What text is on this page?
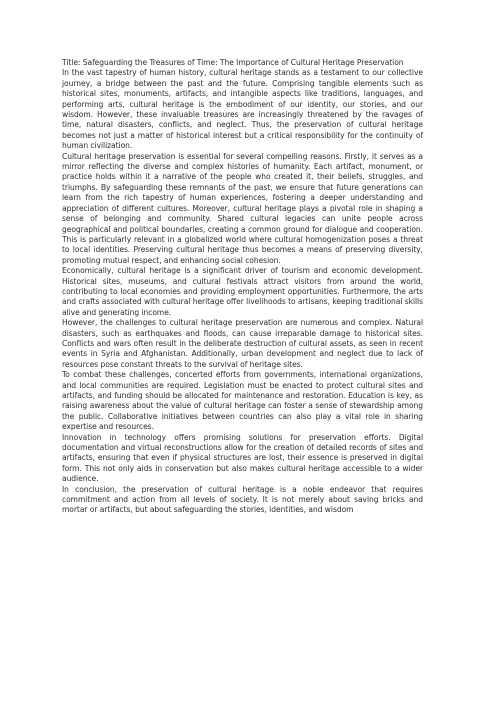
Title: Safeguarding the Treasures of Time: The Importance of Cultural Heritage Preservation

In the vast tapestry of human history, cultural heritage stands as a testament to our collective journey, a bridge between the past and the future. Comprising tangible elements such as historical sites, monuments, artifacts, and intangible aspects like traditions, languages, and performing arts, cultural heritage is the embodiment of our identity, our stories, and our wisdom. However, these invaluable treasures are increasingly threatened by the ravages of time, natural disasters, conflicts, and neglect. Thus, the preservation of cultural heritage becomes not just a matter of historical interest but a critical responsibility for the continuity of human civilization.

Cultural heritage preservation is essential for several compelling reasons. Firstly, it serves as a mirror reflecting the diverse and complex histories of humanity. Each artifact, monument, or practice holds within it a narrative of the people who created it, their beliefs, struggles, and triumphs. By safeguarding these remnants of the past, we ensure that future generations can learn from the rich tapestry of human experiences, fostering a deeper understanding and appreciation of different cultures. Moreover, cultural heritage plays a pivotal role in shaping a sense of belonging and community. Shared cultural legacies can unite people across geographical and political boundaries, creating a common ground for dialogue and cooperation. This is particularly relevant in a globalized world where cultural homogenization poses a threat to local identities. Preserving cultural heritage thus becomes a means of preserving diversity, promoting mutual respect, and enhancing social cohesion.

Economically, cultural heritage is a significant driver of tourism and economic development. Historical sites, museums, and cultural festivals attract visitors from around the world, contributing to local economies and providing employment opportunities. Furthermore, the arts and crafts associated with cultural heritage offer livelihoods to artisans, keeping traditional skills alive and generating income.

However, the challenges to cultural heritage preservation are numerous and complex. Natural disasters, such as earthquakes and floods, can cause irreparable damage to historical sites. Conflicts and wars often result in the deliberate destruction of cultural assets, as seen in recent events in Syria and Afghanistan. Additionally, urban development and neglect due to lack of resources pose constant threats to the survival of heritage sites.

To combat these challenges, concerted efforts from governments, international organizations, and local communities are required. Legislation must be enacted to protect cultural sites and artifacts, and funding should be allocated for maintenance and restoration. Education is key, as raising awareness about the value of cultural heritage can foster a sense of stewardship among the public. Collaborative initiatives between countries can also play a vital role in sharing expertise and resources.

Innovation in technology offers promising solutions for preservation efforts. Digital documentation and virtual reconstructions allow for the creation of detailed records of sites and artifacts, ensuring that even if physical structures are lost, their essence is preserved in digital form. This not only aids in conservation but also makes cultural heritage accessible to a wider audience.

In conclusion, the preservation of cultural heritage is a noble endeavor that requires commitment and action from all levels of society. It is not merely about saving bricks and mortar or artifacts, but about safeguarding the stories, identities, and wisdom
